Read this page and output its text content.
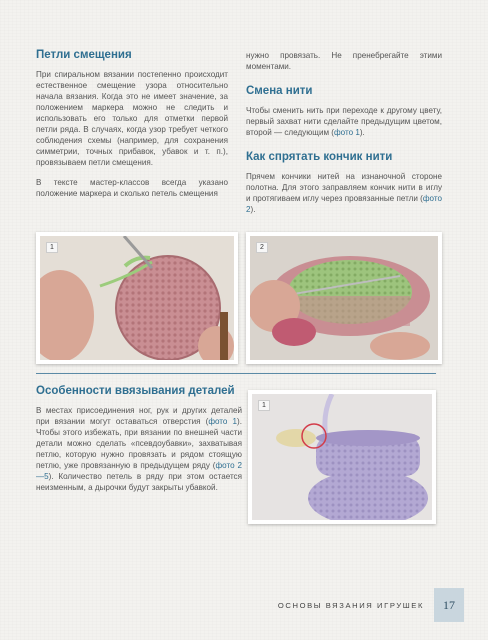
Петли смещения

При спиральном вязании постепенно происходит естественное смещение узора относительно начала вязания. Когда это не имеет значение, за положением маркера можно не следить и использовать его только для отметки первой петли ряда. В случаях, когда узор требует четкого соблюдения схемы (например, для сохранения симметрии, точных прибавок, убавок и т. п.), провязываем петли смещения.

В тексте мастер-классов всегда указано положение маркера и сколько петель смещения

нужно провязать. Не пренебрегайте этими моментами.

Смена нити

Чтобы сменить нить при переходе к другому цвету, первый захват нити сделайте предыдущим цветом, второй — следующим (фото 1).

Как спрятать кончик нити

Прячем кончики нитей на изнаночной стороне полотна. Для этого заправляем кончик нити в иглу и протягиваем иглу через провязанные петли (фото 2).

1	2
Особенности ввязывания деталей

В местах присоединения ног, рук и других деталей при вязании могут оставаться отверстия (фото 1). Чтобы этого избежать, при вязании по внешней части детали можно сделать «псевдоубавки», захватывая петлю, которую нужно провязать и рядом стоящую петлю, уже провязанную в предыдущем ряду (фото 2—5). Количество петель в ряду при этом остается неизменным, а дырочки будут закрыты убавкой.

1
ОСНОВЫ ВЯЗАНИЯ ИГРУШЕК	17
